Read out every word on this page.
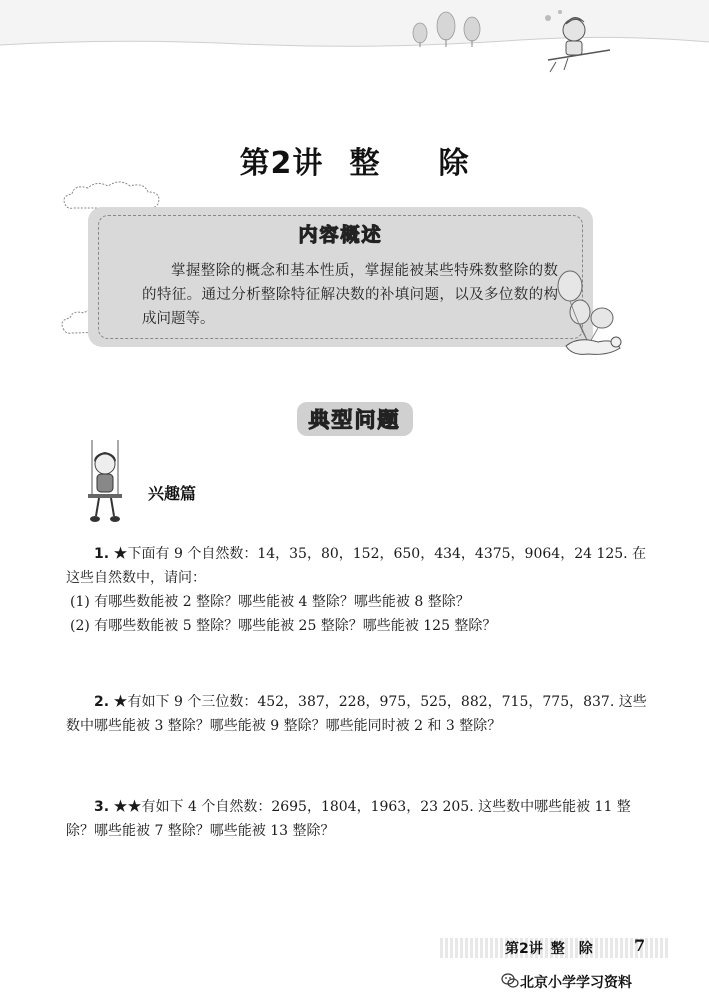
第2讲 整 除
内容概述
掌握整除的概念和基本性质，掌握能被某些特殊数整除的数的特征。通过分析整除特征解决数的补填问题，以及多位数的构成问题等。
典型问题
兴趣篇
1. ★下面有 9 个自然数：14，35，80，152，650，434，4375，9064，24 125. 在这些自然数中，请问：
(1) 有哪些数能被 2 整除？哪些能被 4 整除？哪些能被 8 整除？
(2) 有哪些数能被 5 整除？哪些能被 25 整除？哪些能被 125 整除？
2. ★有如下 9 个三位数：452，387，228，975，525，882，715，775，837. 这些数中哪些能被 3 整除？哪些能被 9 整除？哪些能同时被 2 和 3 整除？
3. ★★有如下 4 个自然数：2695，1804，1963，23 205. 这些数中哪些能被 11 整除？哪些能被 7 整除？哪些能被 13 整除？
第2讲 整 除	7
北京小学学习资料
